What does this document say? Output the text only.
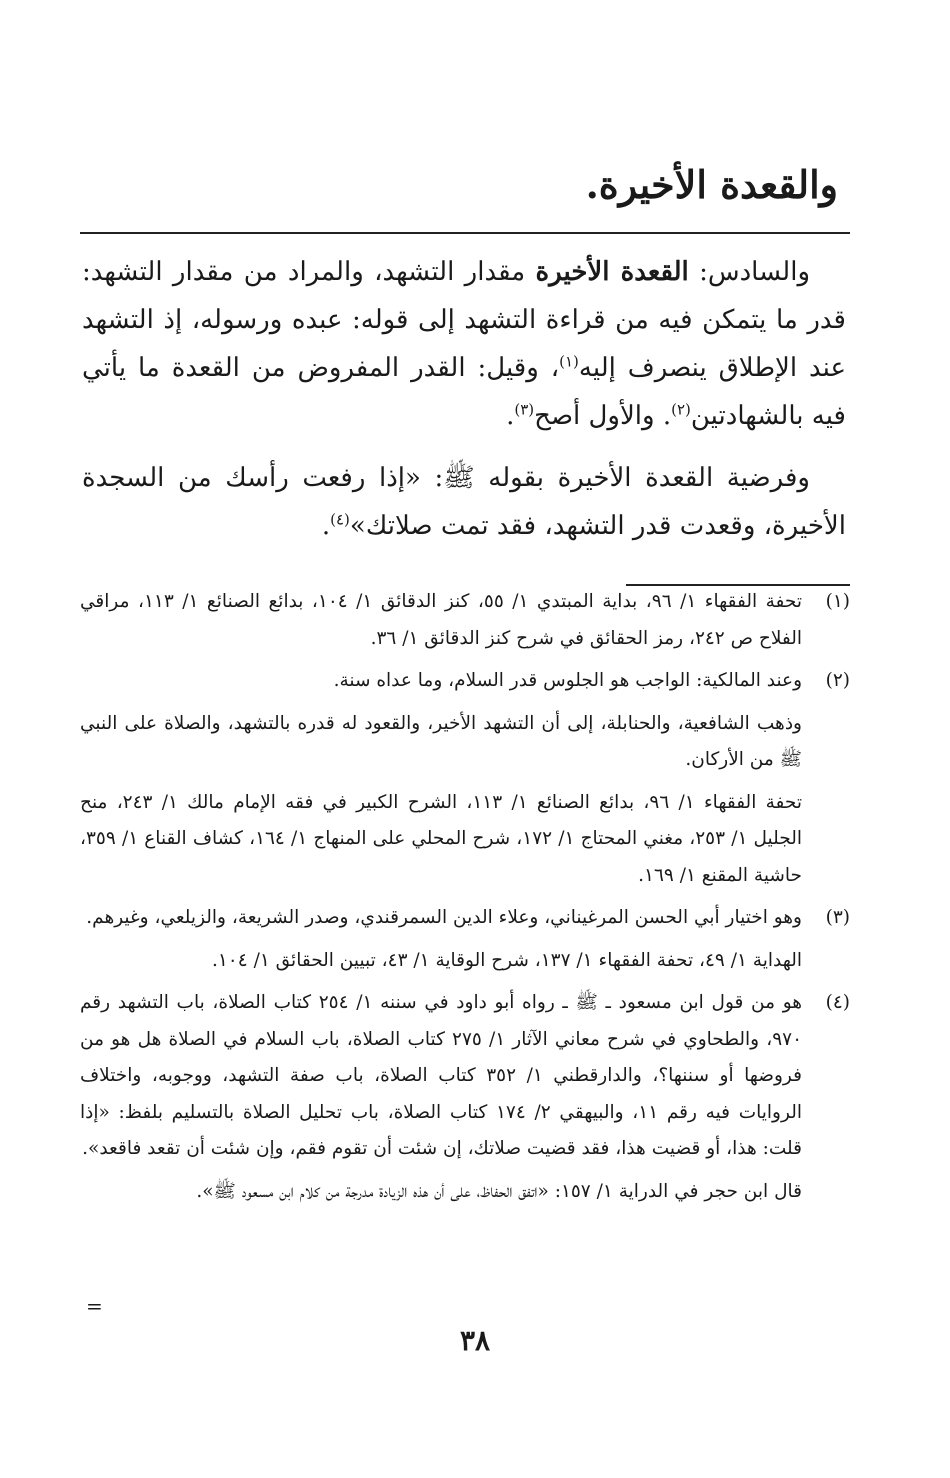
والقعدة الأخيرة.

والسادس: القعدة الأخيرة مقدار التشهد، والمراد من مقدار التشهد: قدر ما يتمكن فيه من قراءة التشهد إلى قوله: عبده ورسوله، إذ التشهد عند الإطلاق ينصرف إليه$^{(١)}$، وقيل: القدر المفروض من القعدة ما يأتي فيه بالشهادتين$^{(٢)}$. والأول أصح$^{(٣)}$.

وفرضية القعدة الأخيرة بقوله ﷺ: «إذا رفعت رأسك من السجدة الأخيرة، وقعدت قدر التشهد، فقد تمت صلاتك»$^{(٤)}$.

(١)

تحفة الفقهاء ١/ ٩٦، بداية المبتدي ١/ ٥٥، كنز الدقائق ١/ ١٠٤، بدائع الصنائع ١/ ١١٣، مراقي الفلاح ص ٢٤٢، رمز الحقائق في شرح كنز الدقائق ١/ ٣٦.

(٢)

وعند المالكية: الواجب هو الجلوس قدر السلام، وما عداه سنة.

وذهب الشافعية، والحنابلة، إلى أن التشهد الأخير، والقعود له قدره بالتشهد، والصلاة على النبي ﷺ من الأركان.

تحفة الفقهاء ١/ ٩٦، بدائع الصنائع ١/ ١١٣، الشرح الكبير في فقه الإمام مالك ١/ ٢٤٣، منح الجليل ١/ ٢٥٣، مغني المحتاج ١/ ١٧٢، شرح المحلي على المنهاج ١/ ١٦٤، كشاف القناع ١/ ٣٥٩، حاشية المقنع ١/ ١٦٩.

(٣)

وهو اختيار أبي الحسن المرغيناني، وعلاء الدين السمرقندي، وصدر الشريعة، والزيلعي، وغيرهم.

الهداية ١/ ٤٩، تحفة الفقهاء ١/ ١٣٧، شرح الوقاية ١/ ٤٣، تبيين الحقائق ١/ ١٠٤.

(٤)

هو من قول ابن مسعود ـ ﷺ ـ رواه أبو داود في سننه ١/ ٢٥٤ كتاب الصلاة، باب التشهد رقم ٩٧٠، والطحاوي في شرح معاني الآثار ١/ ٢٧٥ كتاب الصلاة، باب السلام في الصلاة هل هو من فروضها أو سننها؟، والدارقطني ١/ ٣٥٢ كتاب الصلاة، باب صفة التشهد، ووجوبه، واختلاف الروايات فيه رقم ١١، والبيهقي ٢/ ١٧٤ كتاب الصلاة، باب تحليل الصلاة بالتسليم بلفظ: «إذا قلت: هذا، أو قضيت هذا، فقد قضيت صلاتك، إن شئت أن تقوم فقم، وإن شئت أن تقعد فاقعد».

قال ابن حجر في الدراية ١/ ١٥٧: «اتفق الحفاظ، على أن هذه الزيادة مدرجة من كلام ابن مسعود ﷺ».

=
٣٨
